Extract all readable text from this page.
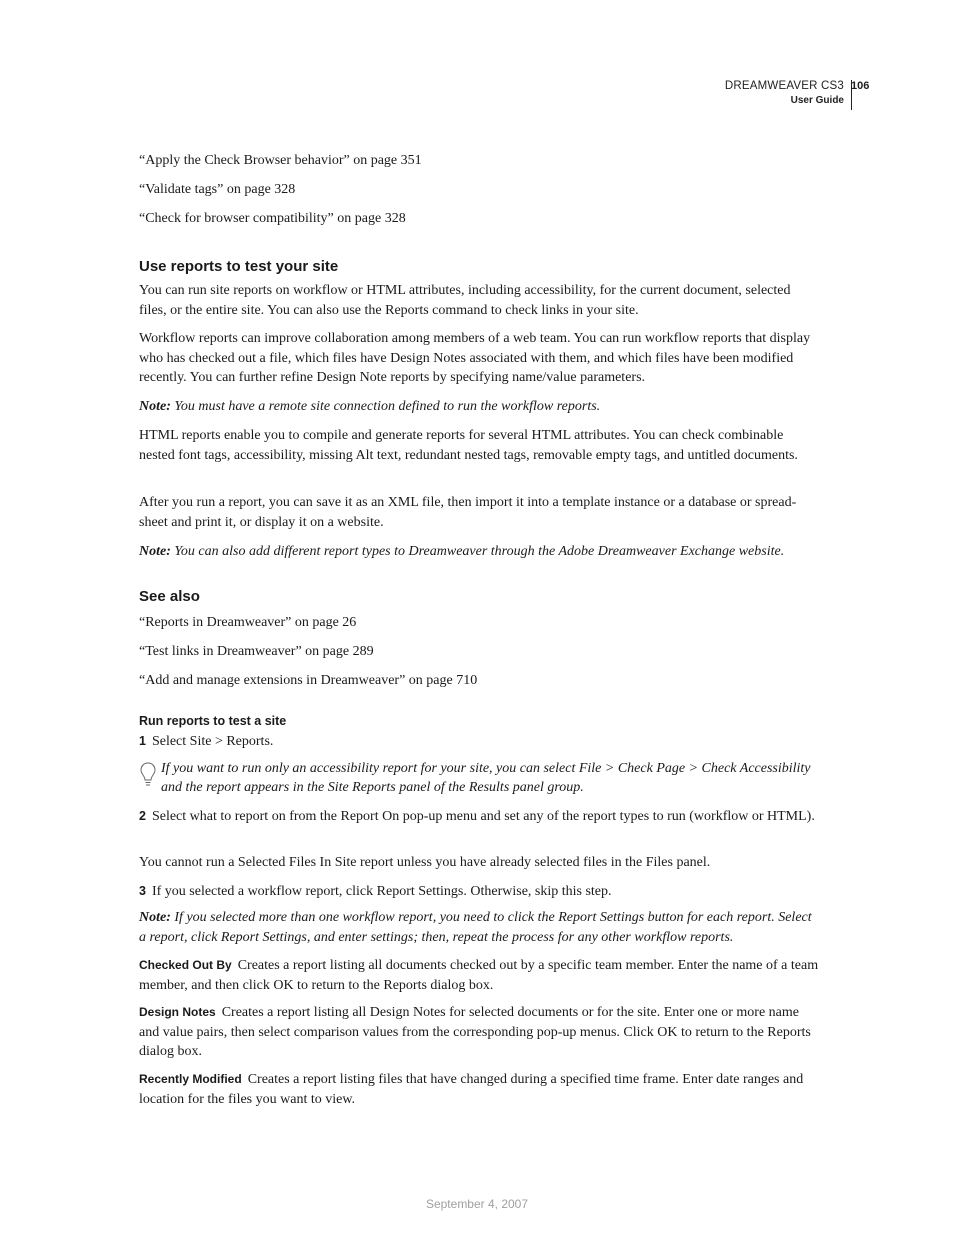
DREAMWEAVER CS3
User Guide
106

“Apply the Check Browser behavior” on page 351

“Validate tags” on page 328

“Check for browser compatibility” on page 328

Use reports to test your site

You can run site reports on workflow or HTML attributes, including accessibility, for the current document, selected files, or the entire site. You can also use the Reports command to check links in your site.

Workflow reports can improve collaboration among members of a web team. You can run workflow reports that display who has checked out a file, which files have Design Notes associated with them, and which files have been modified recently. You can further refine Design Note reports by specifying name/value parameters.

Note: You must have a remote site connection defined to run the workflow reports.

HTML reports enable you to compile and generate reports for several HTML attributes. You can check combinable nested font tags, accessibility, missing Alt text, redundant nested tags, removable empty tags, and untitled documents.

After you run a report, you can save it as an XML file, then import it into a template instance or a database or spread-sheet and print it, or display it on a website.

Note: You can also add different report types to Dreamweaver through the Adobe Dreamweaver Exchange website.

See also

“Reports in Dreamweaver” on page 26

“Test links in Dreamweaver” on page 289

“Add and manage extensions in Dreamweaver” on page 710

Run reports to test a site

1 Select Site > Reports.

If you want to run only an accessibility report for your site, you can select File > Check Page > Check Accessibility and the report appears in the Site Reports panel of the Results panel group.

2 Select what to report on from the Report On pop-up menu and set any of the report types to run (workflow or HTML).

You cannot run a Selected Files In Site report unless you have already selected files in the Files panel.

3 If you selected a workflow report, click Report Settings. Otherwise, skip this step.

Note: If you selected more than one workflow report, you need to click the Report Settings button for each report. Select a report, click Report Settings, and enter settings; then, repeat the process for any other workflow reports.

Checked Out By Creates a report listing all documents checked out by a specific team member. Enter the name of a team member, and then click OK to return to the Reports dialog box.

Design Notes Creates a report listing all Design Notes for selected documents or for the site. Enter one or more name and value pairs, then select comparison values from the corresponding pop-up menus. Click OK to return to the Reports dialog box.

Recently Modified Creates a report listing files that have changed during a specified time frame. Enter date ranges and location for the files you want to view.

September 4, 2007
